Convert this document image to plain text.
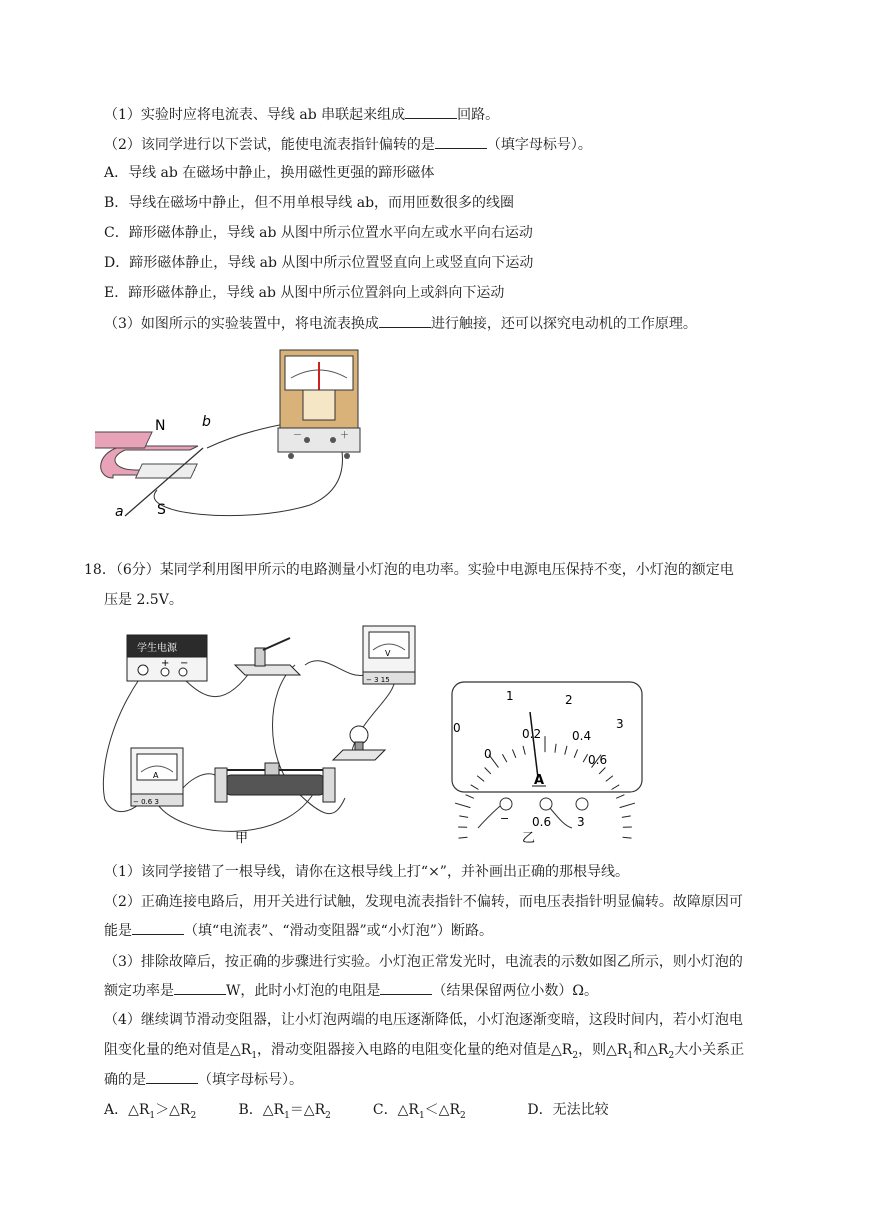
（1）实验时应将电流表、导线 ab 串联起来组成	回路。
（2）该同学进行以下尝试，能使电流表指针偏转的是	（填字母标号）。
A．导线 ab 在磁场中静止，换用磁性更强的蹄形磁体
B．导线在磁场中静止，但不用单根导线 ab，而用匝数很多的线圈
C．蹄形磁体静止，导线 ab 从图中所示位置水平向左或水平向右运动
D．蹄形磁体静止，导线 ab 从图中所示位置竖直向上或竖直向下运动
E．蹄形磁体静止，导线 ab 从图中所示位置斜向上或斜向下运动
（3）如图所示的实验装置中，将电流表换成	进行触接，还可以探究电动机的工作原理。
N
S
a
b
－	＋
18．（6分）某同学利用图甲所示的电路测量小灯泡的电功率。实验中电源电压保持不变，小灯泡的额定电
压是 2.5V。
学生电源
+ −
V
− 3 15
A
− 0.6 3
甲
0
1	2
3
0
0.2	0.4
0.6
A
− 0.6 3
乙
（1）该同学接错了一根导线，请你在这根导线上打“×”，并补画出正确的那根导线。
（2）正确连接电路后，用开关进行试触，发现电流表指针不偏转，而电压表指针明显偏转。故障原因可
能是	（填“电流表”、“滑动变阻器”或“小灯泡”）断路。
（3）排除故障后，按正确的步骤进行实验。小灯泡正常发光时，电流表的示数如图乙所示，则小灯泡的
额定功率是	W，此时小灯泡的电阻是	（结果保留两位小数）Ω。
（4）继续调节滑动变阻器，让小灯泡两端的电压逐渐降低，小灯泡逐渐变暗，这段时间内，若小灯泡电
阻变化量的绝对值是$\triangle R_1$，滑动变阻器接入电路的电阻变化量的绝对值是$\triangle R_2$，则$\triangle R_1$和$\triangle R_2$大小关系正
确的是	（填字母标号）。
A．$\triangle R_1>\triangle R_2$	B．$\triangle R_1=\triangle R_2$	C．$\triangle R_1<\triangle R_2$	D．无法比较
